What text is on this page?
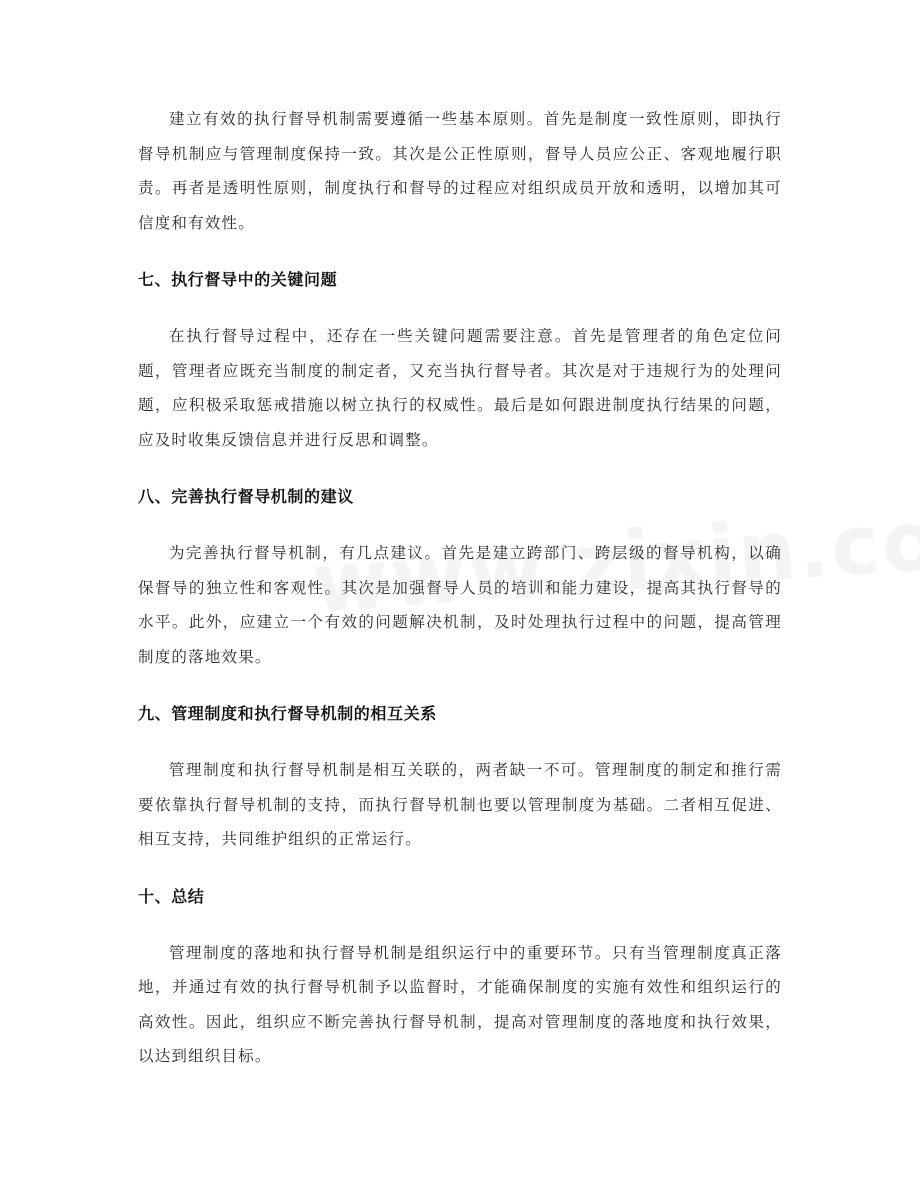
建立有效的执行督导机制需要遵循一些基本原则。首先是制度一致性原则，即执行督导机制应与管理制度保持一致。其次是公正性原则，督导人员应公正、客观地履行职责。再者是透明性原则，制度执行和督导的过程应对组织成员开放和透明，以增加其可信度和有效性。

七、执行督导中的关键问题

在执行督导过程中，还存在一些关键问题需要注意。首先是管理者的角色定位问题，管理者应既充当制度的制定者，又充当执行督导者。其次是对于违规行为的处理问题，应积极采取惩戒措施以树立执行的权威性。最后是如何跟进制度执行结果的问题，应及时收集反馈信息并进行反思和调整。

八、完善执行督导机制的建议

为完善执行督导机制，有几点建议。首先是建立跨部门、跨层级的督导机构，以确保督导的独立性和客观性。其次是加强督导人员的培训和能力建设，提高其执行督导的水平。此外，应建立一个有效的问题解决机制，及时处理执行过程中的问题，提高管理制度的落地效果。

九、管理制度和执行督导机制的相互关系

管理制度和执行督导机制是相互关联的，两者缺一不可。管理制度的制定和推行需要依靠执行督导机制的支持，而执行督导机制也要以管理制度为基础。二者相互促进、相互支持，共同维护组织的正常运行。

十、总结

管理制度的落地和执行督导机制是组织运行中的重要环节。只有当管理制度真正落地，并通过有效的执行督导机制予以监督时，才能确保制度的实施有效性和组织运行的高效性。因此，组织应不断完善执行督导机制，提高对管理制度的落地度和执行效果，以达到组织目标。
